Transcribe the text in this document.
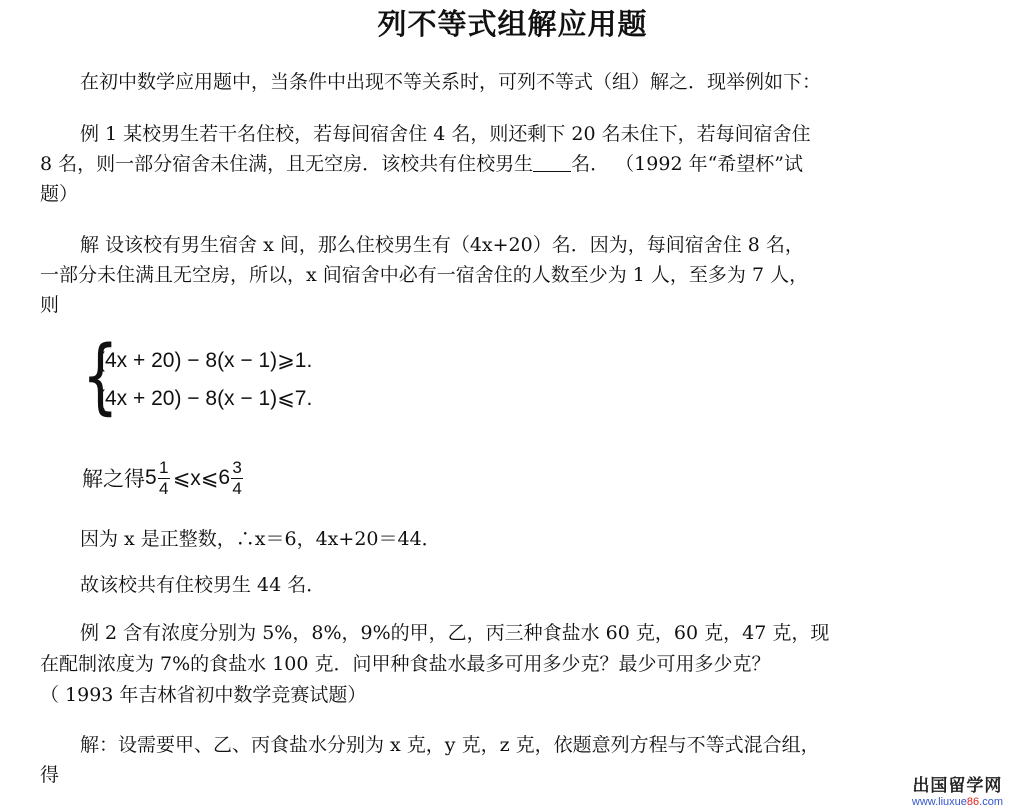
列不等式组解应用题
在初中数学应用题中，当条件中出现不等关系时，可列不等式（组）解之．现举例如下：
例 1 某校男生若干名住校，若每间宿舍住 4 名，则还剩下 20 名未住下，若每间宿舍住
8 名，则一部分宿舍未住满，且无空房．该校共有住校男生 名． （1992 年“希望杯”试
题）
解 设该校有男生宿舍 x 间，那么住校男生有（4x+20）名．因为，每间宿舍住 8 名，
一部分未住满且无空房，所以，x 间宿舍中必有一宿舍住的人数至少为 1 人，至多为 7 人，
则
{
(4x + 20) − 8(x − 1)⩾1.
(4x + 20) − 8(x − 1)⩽7.
解之得 $5 \frac{1}{4}$ ⩽x⩽ $6 \frac{3}{4}$
因为 x 是正整数，∴x＝6，4x+20＝44．
故该校共有住校男生 44 名．
例 2 含有浓度分别为 5%，8%，9%的甲，乙，丙三种食盐水 60 克，60 克，47 克，现
在配制浓度为 7%的食盐水 100 克．问甲种食盐水最多可用多少克？最少可用多少克？
（ 1993 年吉林省初中数学竞赛试题）
解：设需要甲、乙、丙食盐水分别为 x 克，y 克，z 克，依题意列方程与不等式混合组，
得	出国留学网
www.liuxue86.com
